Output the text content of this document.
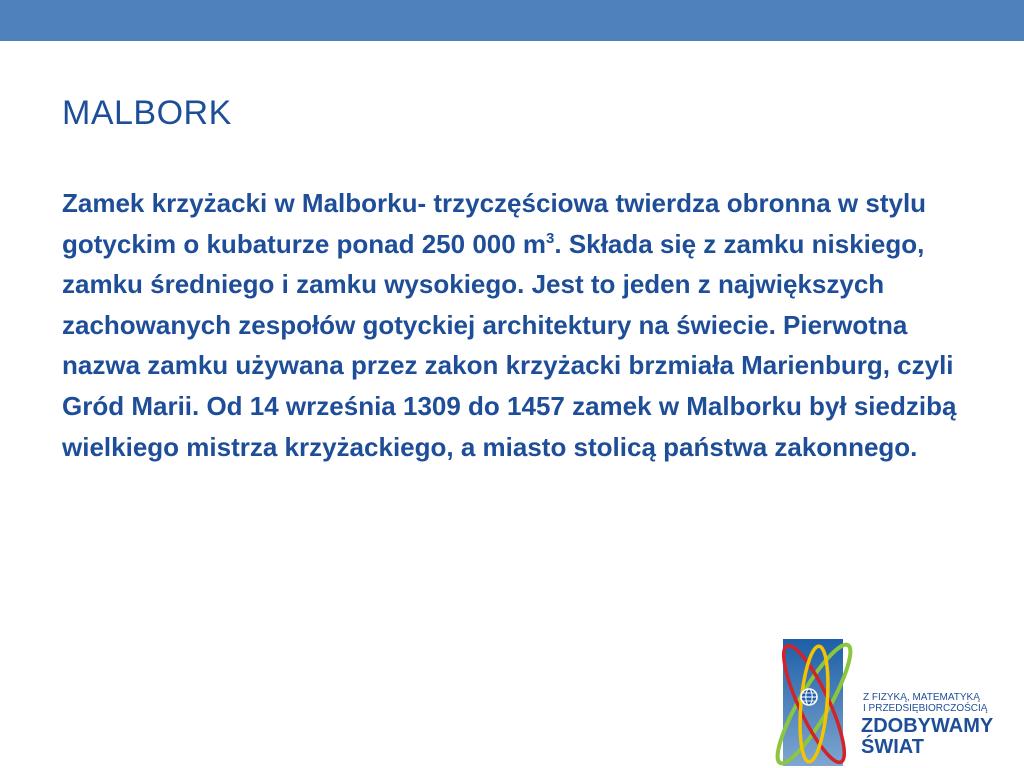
MALBORK

Zamek krzyżacki w Malborku- trzyczęściowa twierdza obronna w stylu gotyckim o kubaturze ponad 250 000 $m^3$. Składa się z zamku niskiego, zamku średniego i zamku wysokiego. Jest to jeden z największych zachowanych zespołów gotyckiej architektury na świecie. Pierwotna nazwa zamku używana przez zakon krzyżacki brzmiała Marienburg, czyli Gród Marii. Od 14 września 1309 do 1457 zamek w Malborku był siedzibą wielkiego mistrza krzyżackiego, a miasto stolicą państwa zakonnego.

Z FIZYKĄ, MATEMATYKĄ
I PRZEDSIĘBIORCZOŚCIĄ
ZDOBYWAMY
ŚWIAT
